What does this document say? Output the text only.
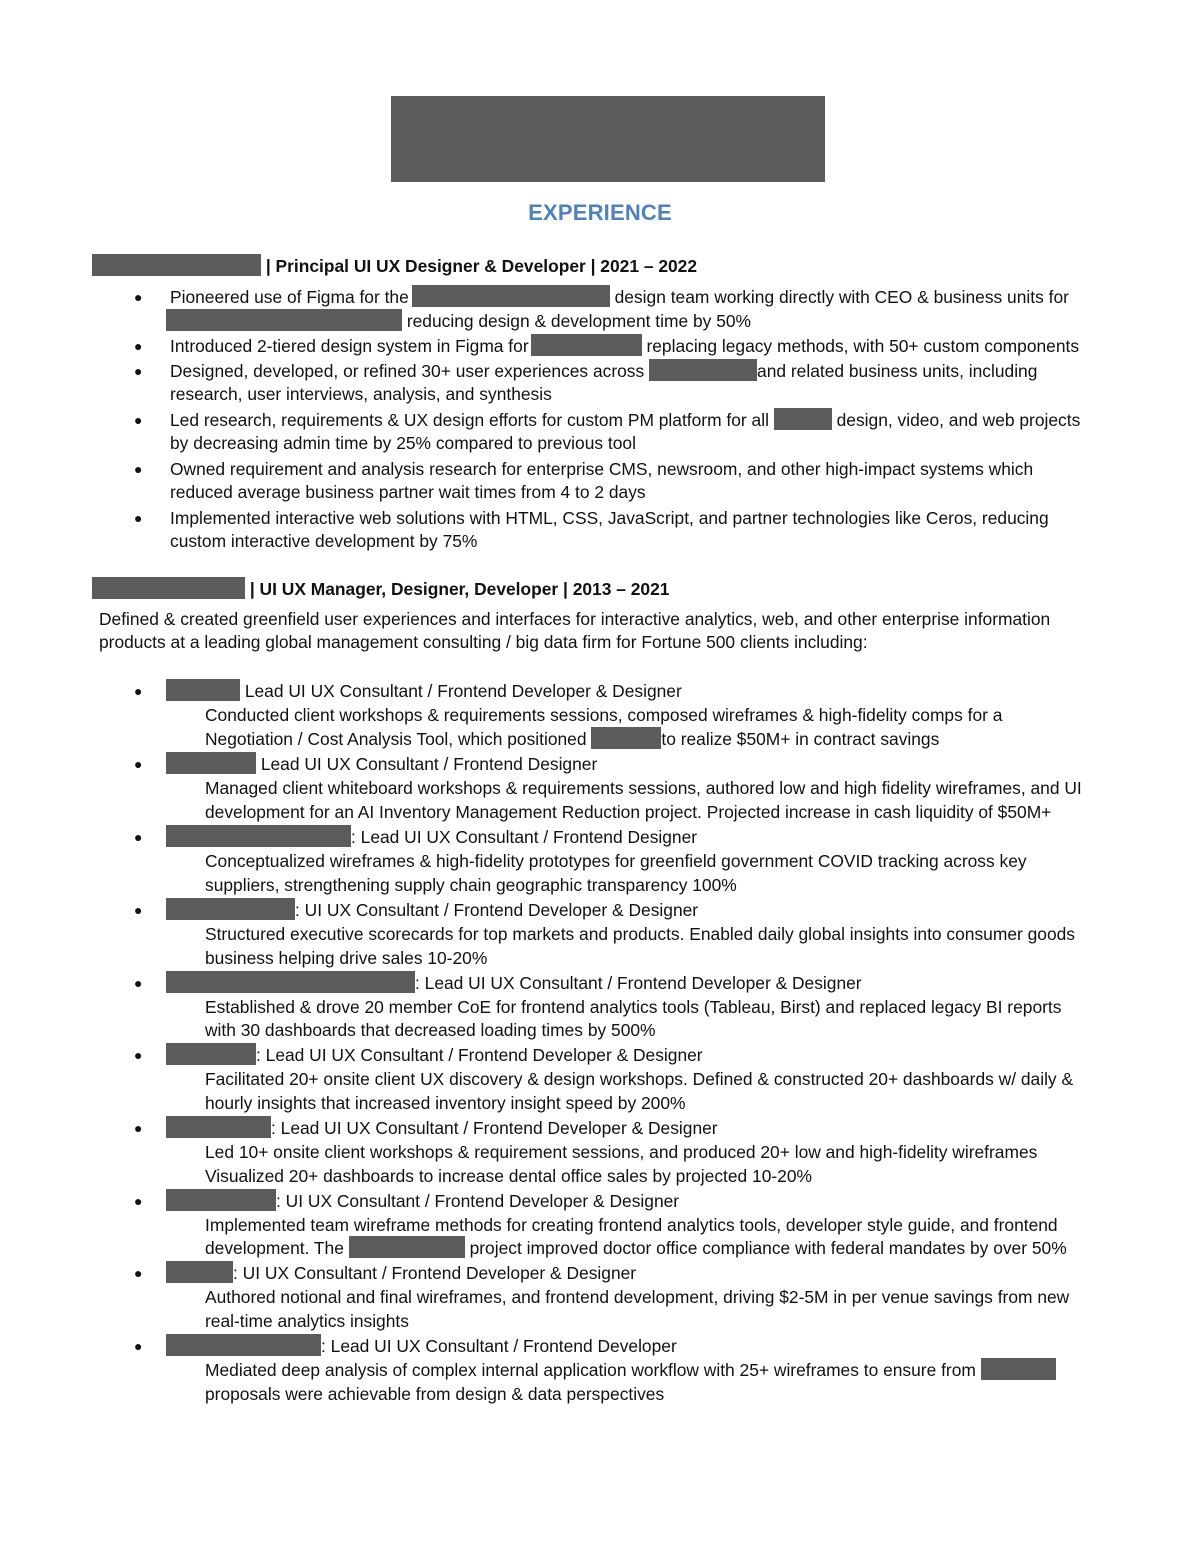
EXPERIENCE
| Principal UI UX Designer & Developer | 2021 – 2022
● Pioneered use of Figma for the	design team working directly with CEO & business units for
reducing design & development time by 50%
● Introduced 2-tiered design system in Figma for	replacing legacy methods, with 50+ custom components
● Designed, developed, or refined 30+ user experiences across	and related business units, including
research, user interviews, analysis, and synthesis
● Led research, requirements & UX design efforts for custom PM platform for all	design, video, and web projects
by decreasing admin time by 25% compared to previous tool
● Owned requirement and analysis research for enterprise CMS, newsroom, and other high-impact systems which
reduced average business partner wait times from 4 to 2 days
● Implemented interactive web solutions with HTML, CSS, JavaScript, and partner technologies like Ceros, reducing
custom interactive development by 75%
| UI UX Manager, Designer, Developer | 2013 – 2021
Defined & created greenfield user experiences and interfaces for interactive analytics, web, and other enterprise information
products at a leading global management consulting / big data firm for Fortune 500 clients including:
●	Lead UI UX Consultant / Frontend Developer & Designer
Conducted client workshops & requirements sessions, composed wireframes & high-fidelity comps for a
Negotiation / Cost Analysis Tool, which positioned	to realize $50M+ in contract savings
●	Lead UI UX Consultant / Frontend Designer
Managed client whiteboard workshops & requirements sessions, authored low and high fidelity wireframes, and UI
development for an AI Inventory Management Reduction project. Projected increase in cash liquidity of $50M+
●	: Lead UI UX Consultant / Frontend Designer
Conceptualized wireframes & high-fidelity prototypes for greenfield government COVID tracking across key
suppliers, strengthening supply chain geographic transparency 100%
●	: UI UX Consultant / Frontend Developer & Designer
Structured executive scorecards for top markets and products. Enabled daily global insights into consumer goods
business helping drive sales 10-20%
●	: Lead UI UX Consultant / Frontend Developer & Designer
Established & drove 20 member CoE for frontend analytics tools (Tableau, Birst) and replaced legacy BI reports
with 30 dashboards that decreased loading times by 500%
●	: Lead UI UX Consultant / Frontend Developer & Designer
Facilitated 20+ onsite client UX discovery & design workshops. Defined & constructed 20+ dashboards w/ daily &
hourly insights that increased inventory insight speed by 200%
●	: Lead UI UX Consultant / Frontend Developer & Designer
Led 10+ onsite client workshops & requirement sessions, and produced 20+ low and high-fidelity wireframes
Visualized 20+ dashboards to increase dental office sales by projected 10-20%
●	: UI UX Consultant / Frontend Developer & Designer
Implemented team wireframe methods for creating frontend analytics tools, developer style guide, and frontend
development. The	project improved doctor office compliance with federal mandates by over 50%
●	: UI UX Consultant / Frontend Developer & Designer
Authored notional and final wireframes, and frontend development, driving $2-5M in per venue savings from new
real-time analytics insights
●	: Lead UI UX Consultant / Frontend Developer
Mediated deep analysis of complex internal application workflow with 25+ wireframes to ensure from
proposals were achievable from design & data perspectives
